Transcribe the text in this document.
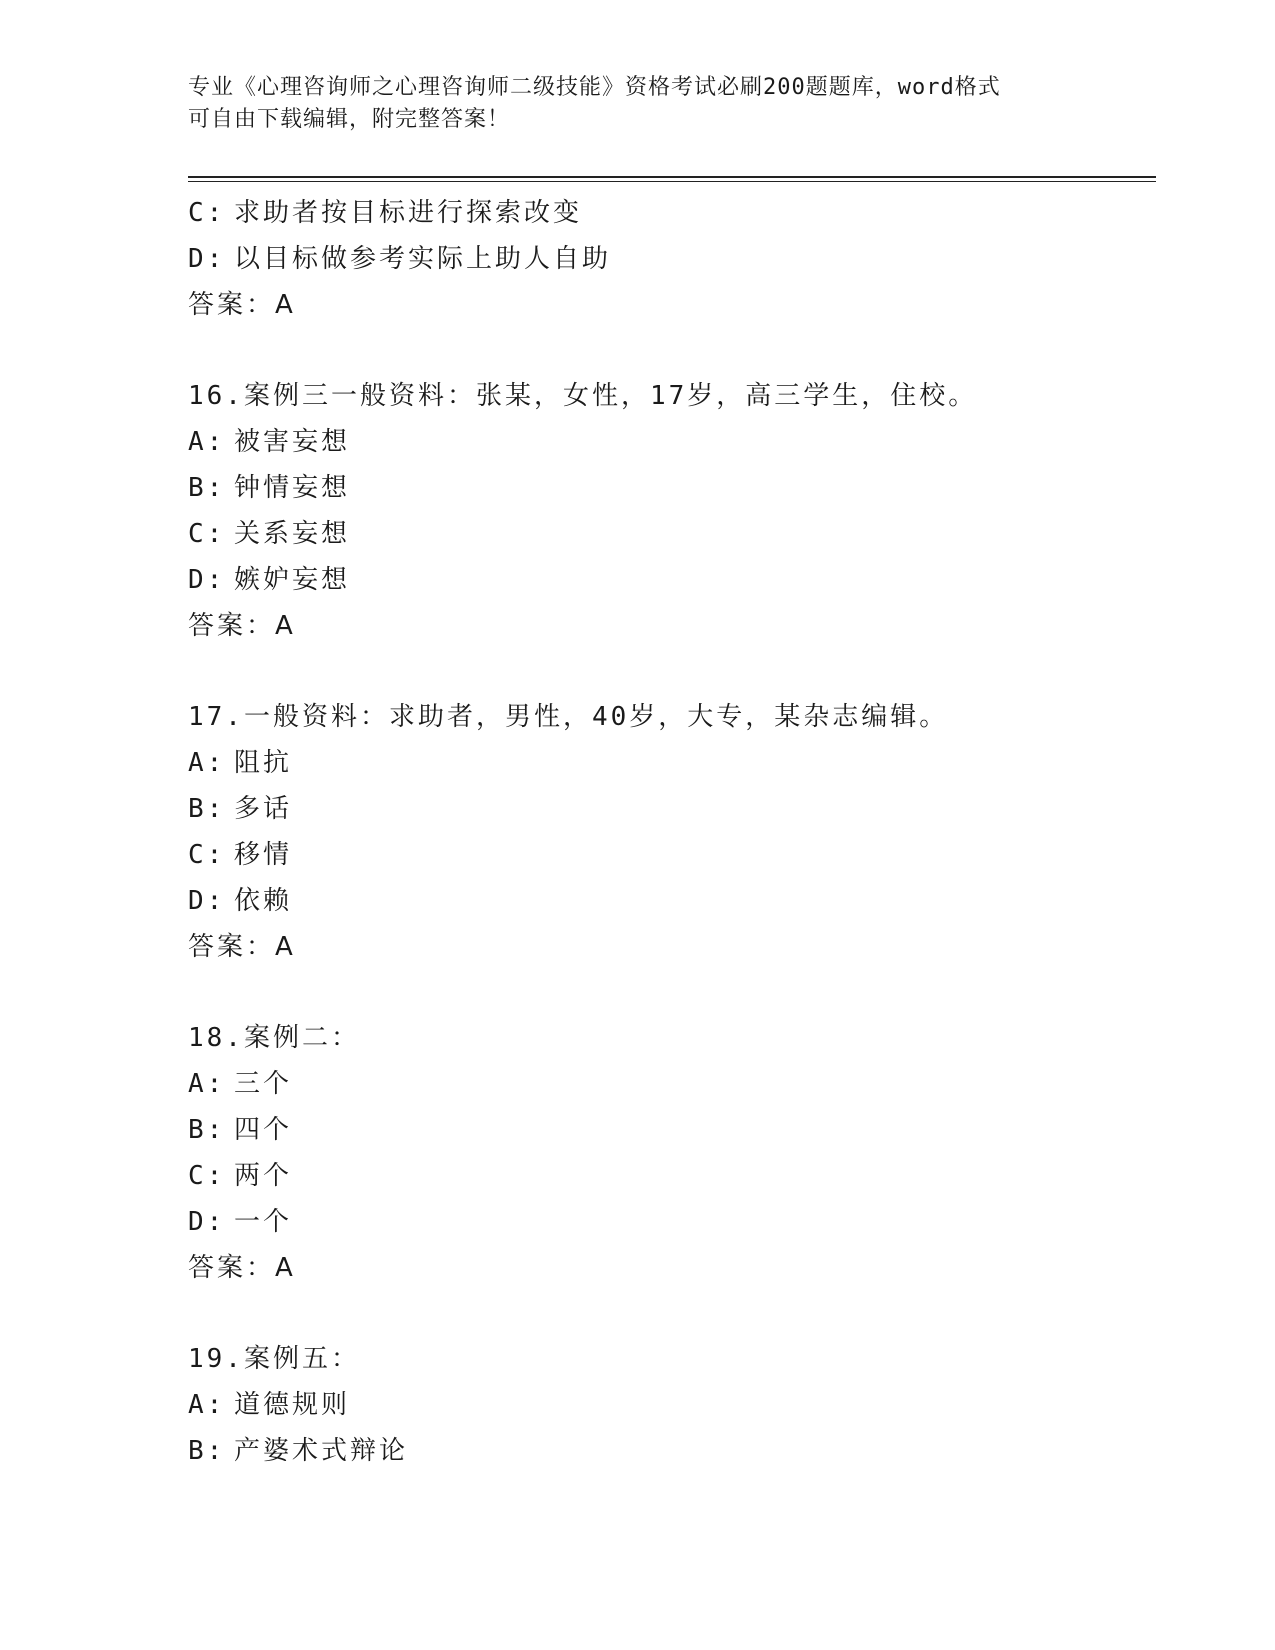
专业《心理咨询师之心理咨询师二级技能》资格考试必刷200题题库，word格式
可自由下载编辑，附完整答案！
C: 求助者按目标进行探索改变
D: 以目标做参考实际上助人自助
答案：A
16.案例三一般资料：张某，女性，17岁，高三学生，住校。
A: 被害妄想
B: 钟情妄想
C: 关系妄想
D: 嫉妒妄想
答案：A
17.一般资料：求助者，男性，40岁，大专，某杂志编辑。
A: 阻抗
B: 多话
C: 移情
D: 依赖
答案：A
18.案例二：
A: 三个
B: 四个
C: 两个
D: 一个
答案：A
19.案例五：
A: 道德规则
B: 产婆术式辩论
